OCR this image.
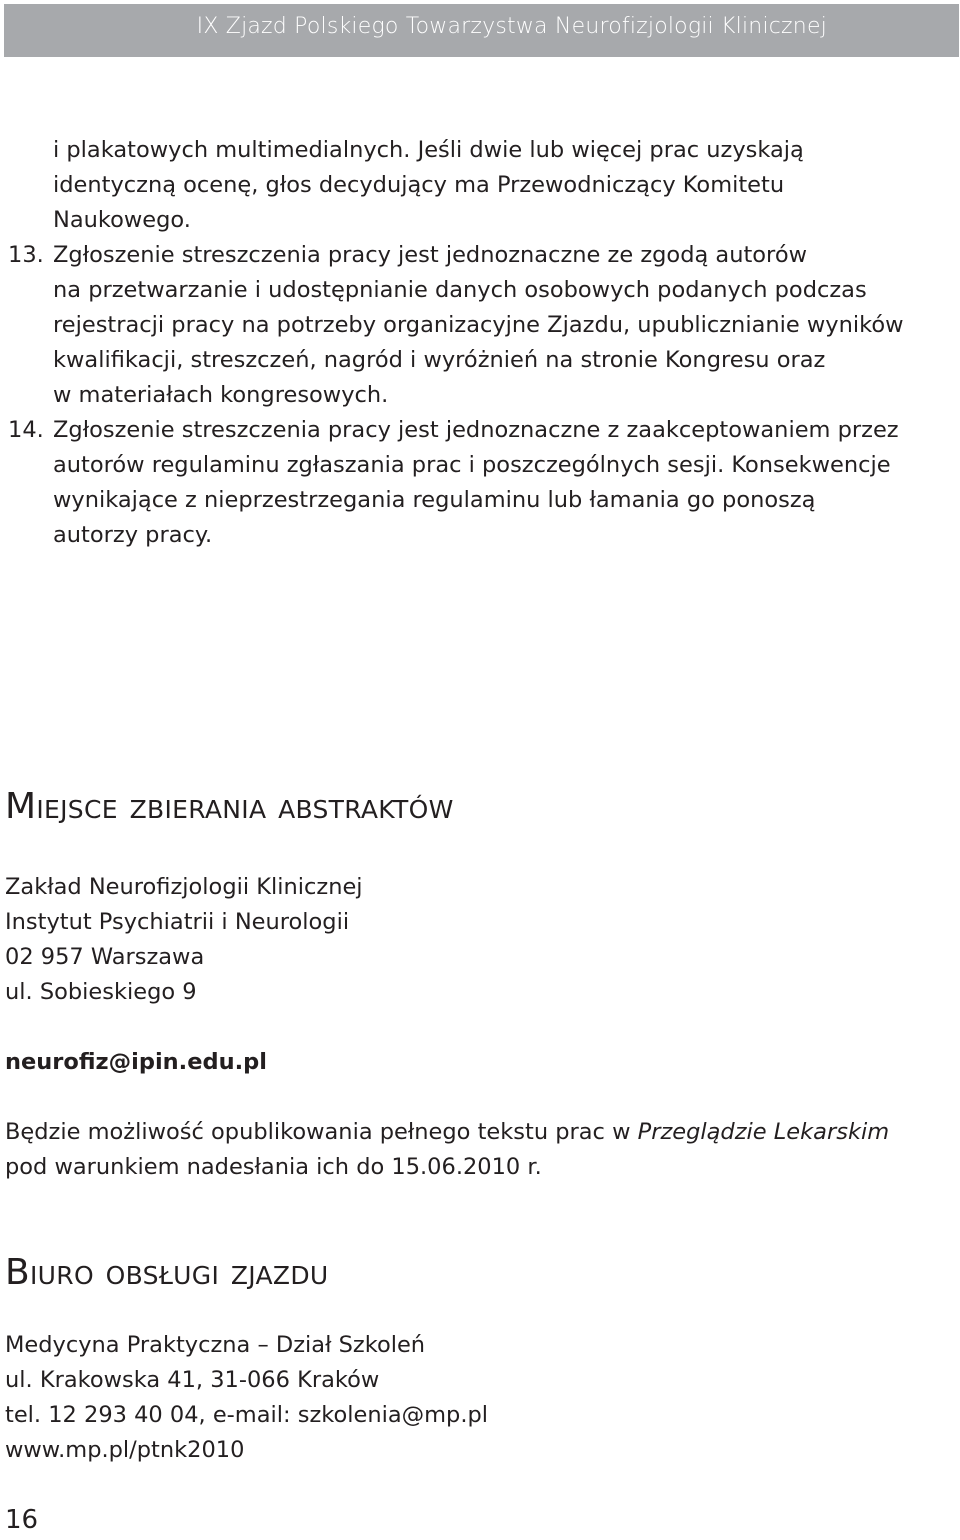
IX Zjazd Polskiego Towarzystwa Neurofizjologii Klinicznej
i plakatowych multimedialnych. Jeśli dwie lub więcej prac uzyskają
identyczną ocenę, głos decydujący ma Przewodniczący Komitetu
Naukowego.
13. Zgłoszenie streszczenia pracy jest jednoznaczne ze zgodą autorów
na przetwarzanie i udostępnianie danych osobowych podanych podczas
rejestracji pracy na potrzeby organizacyjne Zjazdu, upublicznianie wyników
kwalifikacji, streszczeń, nagród i wyróżnień na stronie Kongresu oraz
w materiałach kongresowych.
14. Zgłoszenie streszczenia pracy jest jednoznaczne z zaakceptowaniem przez
autorów regulaminu zgłaszania prac i poszczególnych sesji. Konsekwencje
wynikające z nieprzestrzegania regulaminu lub łamania go ponoszą
autorzy pracy.
Miejsce zbierania abstraktów
Zakład Neurofizjologii Klinicznej
Instytut Psychiatrii i Neurologii
02 957 Warszawa
ul. Sobieskiego 9
neurofiz@ipin.edu.pl
Będzie możliwość opublikowania pełnego tekstu prac w Przeglądzie Lekarskim
pod warunkiem nadesłania ich do 15.06.2010 r.
Biuro obsługi zjazdu
Medycyna Praktyczna – Dział Szkoleń
ul. Krakowska 41, 31-066 Kraków
tel. 12 293 40 04, e-mail: szkolenia@mp.pl
www.mp.pl/ptnk2010
16
